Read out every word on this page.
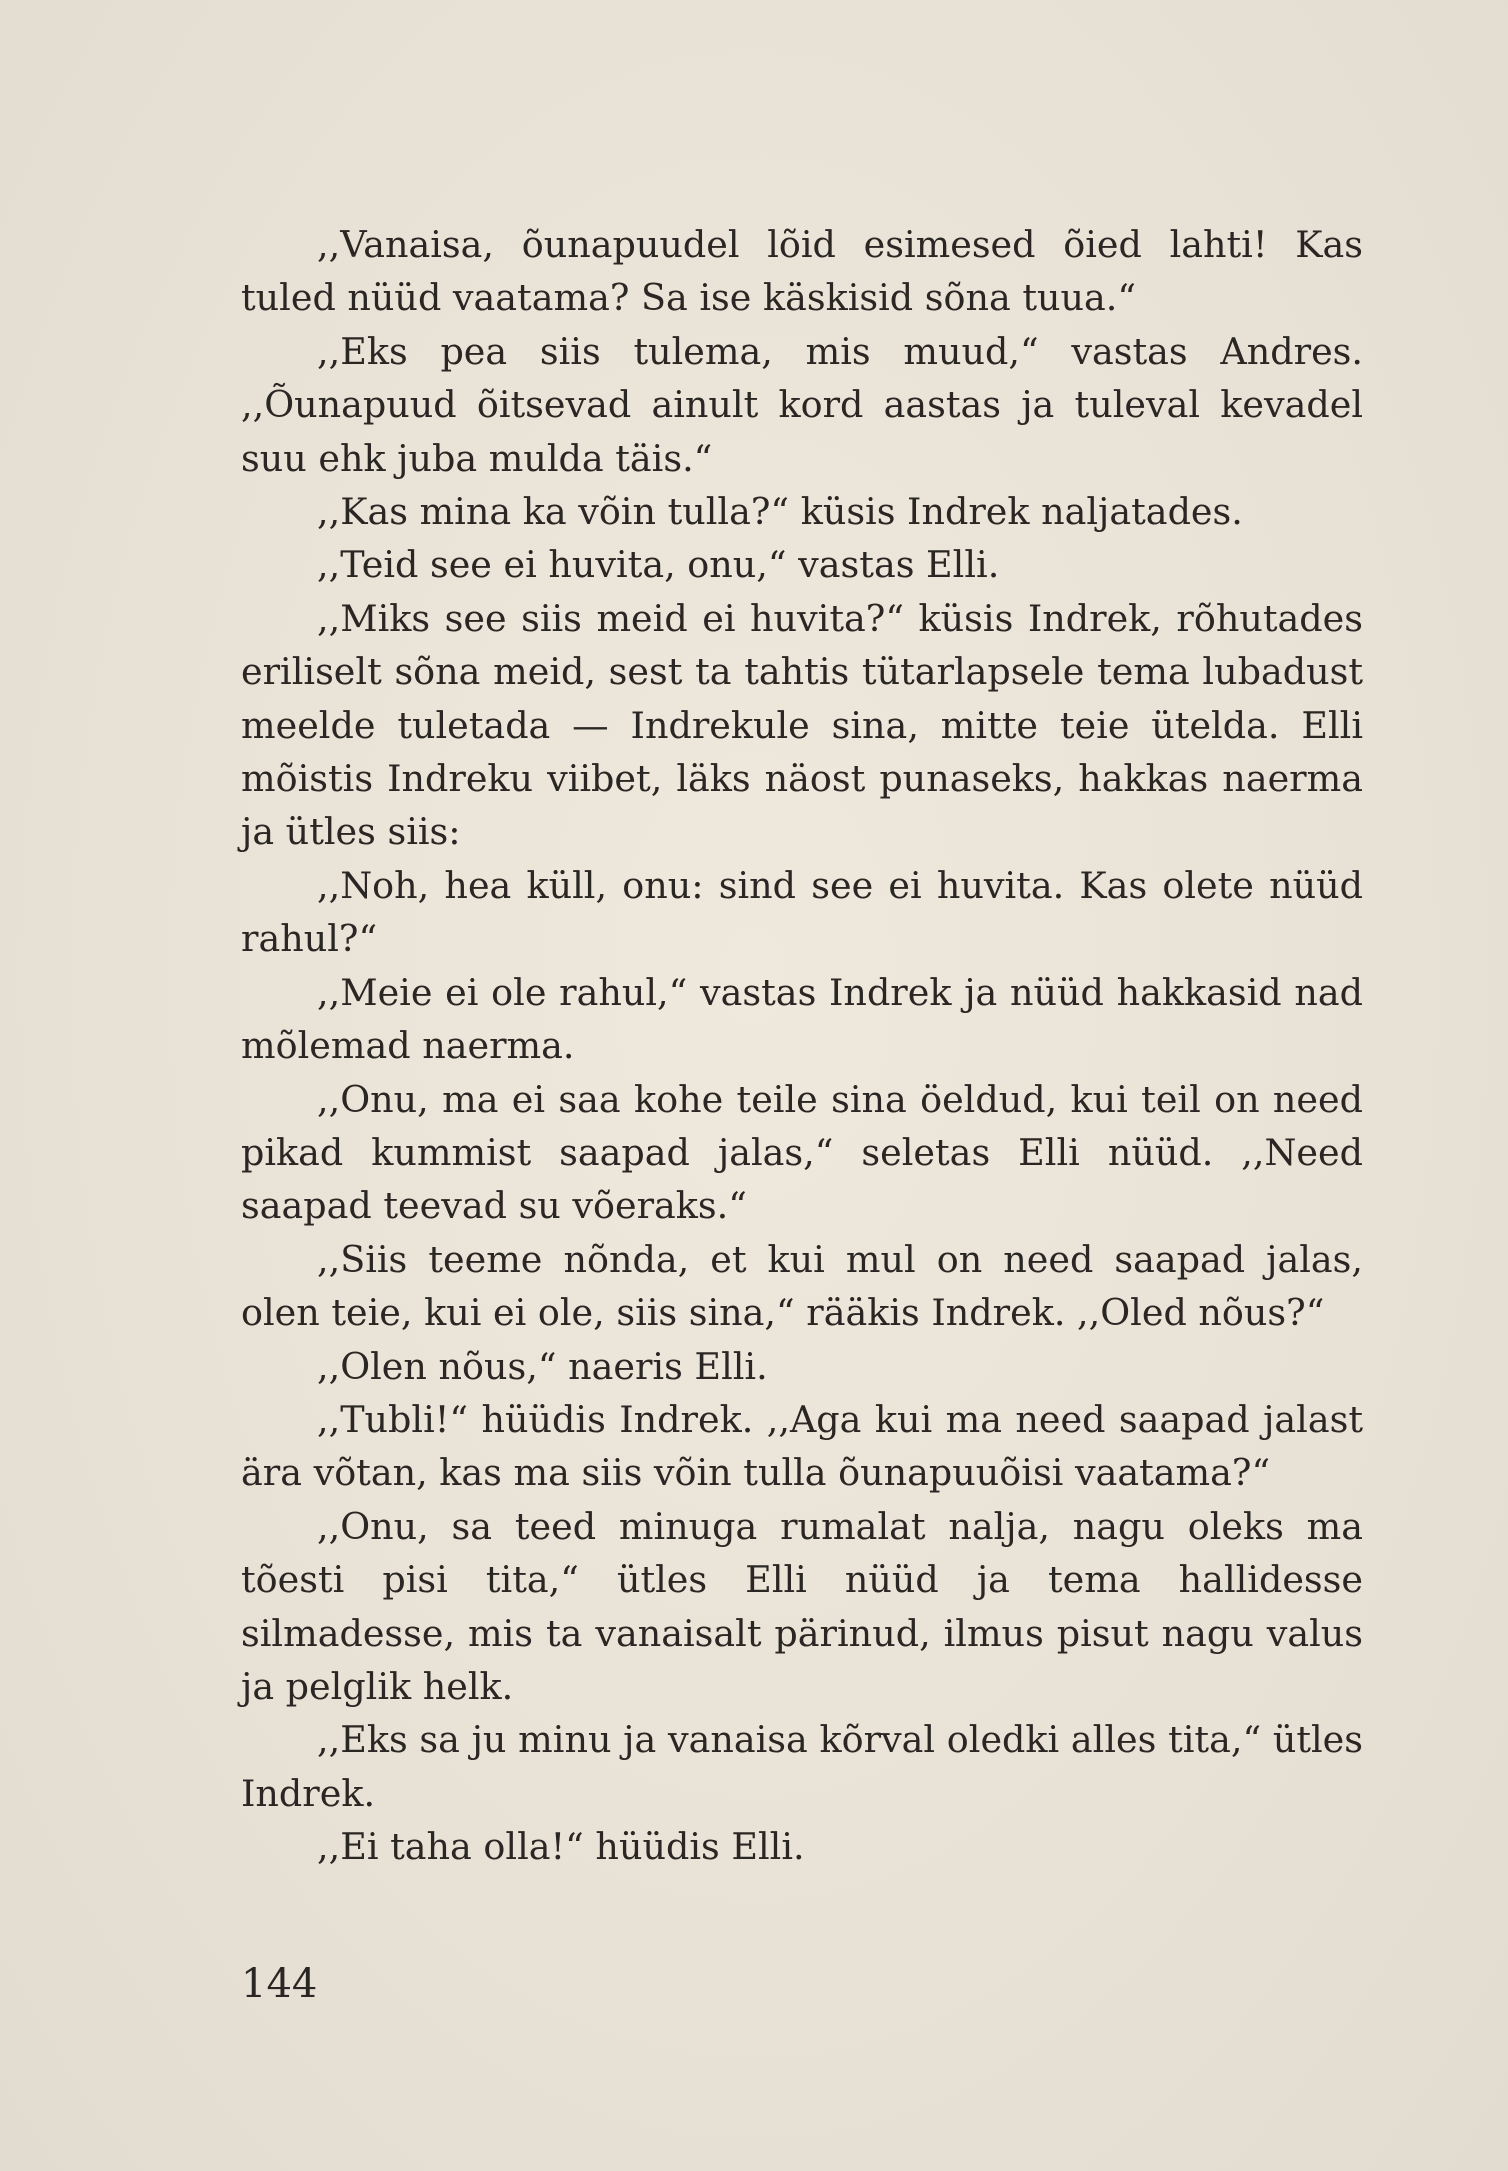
,,Vanaisa, õunapuudel lõid esimesed õied lahti! Kas tuled nüüd vaatama? Sa ise käskisid sõna tuua.“

,,Eks pea siis tulema, mis muud,“ vastas Andres. ,,Õunapuud õitsevad ainult kord aastas ja tuleval kevadel suu ehk juba mulda täis.“

,,Kas mina ka võin tulla?“ küsis Indrek naljatades.

,,Teid see ei huvita, onu,“ vastas Elli.

,,Miks see siis meid ei huvita?“ küsis Indrek, rõhutades eriliselt sõna meid, sest ta tahtis tütarlapsele tema lubadust meelde tuletada — Indrekule sina, mitte teie ütelda. Elli mõistis Indreku viibet, läks näost punaseks, hakkas naerma ja ütles siis:

,,Noh, hea küll, onu: sind see ei huvita. Kas olete nüüd rahul?“

,,Meie ei ole rahul,“ vastas Indrek ja nüüd hakkasid nad mõlemad naerma.

,,Onu, ma ei saa kohe teile sina öeldud, kui teil on need pikad kummist saapad jalas,“ seletas Elli nüüd. ,,Need saapad teevad su võeraks.“

,,Siis teeme nõnda, et kui mul on need saapad jalas, olen teie, kui ei ole, siis sina,“ rääkis Indrek. ,,Oled nõus?“

,,Olen nõus,“ naeris Elli.

,,Tubli!“ hüüdis Indrek. ,,Aga kui ma need saapad jalast ära võtan, kas ma siis võin tulla õunapuuõisi vaatama?“

,,Onu, sa teed minuga rumalat nalja, nagu oleks ma tõesti pisi tita,“ ütles Elli nüüd ja tema hallidesse silmadesse, mis ta vanaisalt pärinud, ilmus pisut nagu valus ja pelglik helk.

,,Eks sa ju minu ja vanaisa kõrval oledki alles tita,“ ütles Indrek.

,,Ei taha olla!“ hüüdis Elli.

144
